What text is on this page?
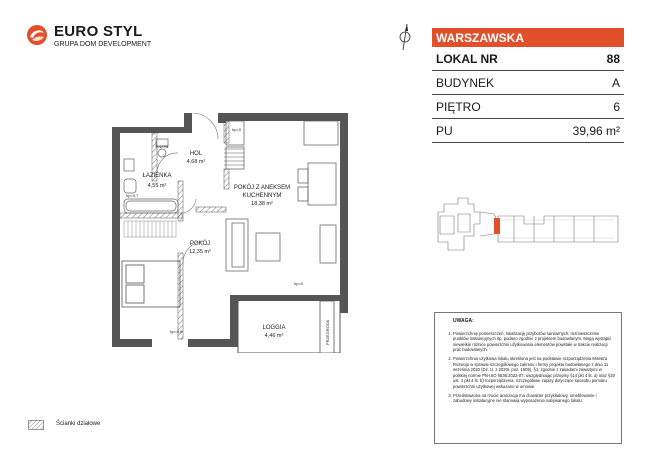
EURO STYL
GRUPA DOM DEVELOPMENT	WARSZAWSKA
LOKAL NR	88
BUDYNEK	A
PIĘTRO	6
PU	39,96 m²
HOL
4,68 m²
ŁAZIENKA
4,55 m²	POKÓJ Z ANEKSEM
KUCHENNYM
18,38 m²
POKÓJ
12,35 m²
LOGGIA
4,46 m²
h=prog
hp=0
hp=0,7
hp=0,8
hp=0
PRZEGRODA	UWAGA:
1. Powierzchnię pomieszczeń, lokalizację przyborów sanitarnych, rozmieszczenie punktów instalacyjnych itp. podano zgodnie z projektem budowlanym. Mogą wystąpić niewielkie różnice powierzchni użytkowania elementów powstałe w trakcie realizacji prac budowlanych.
2. Powierzchnia użytkowa lokalu określona jest na podstawie rozporządzenia Ministra Rozwoju w sprawie szczegółowego zakresu i formy projektu budowlanego z dnia 11 września 2020 (Dz. U. z 2020r. poz. 1609), §1, zgodnie z zasadami zawartymi w polskiej normie PN-ISO 9836:2022-07, uwzględniając przepisy §14 pkt 4 lit. a) oraz §20 ust. 1 pkt 4 lit. b) rozporządzenia. Szczegółowe zapisy dotyczące sposobu pomiaru powierzchni użytkowej wskazano w umowie.
3. Przedstawiona na rzucie aranżacja ma charakter przykładowy, umeblowanie i zabudowy instalacyjne nie stanowią wyposażenia nabywanego lokalu.
Ścianki działowe
